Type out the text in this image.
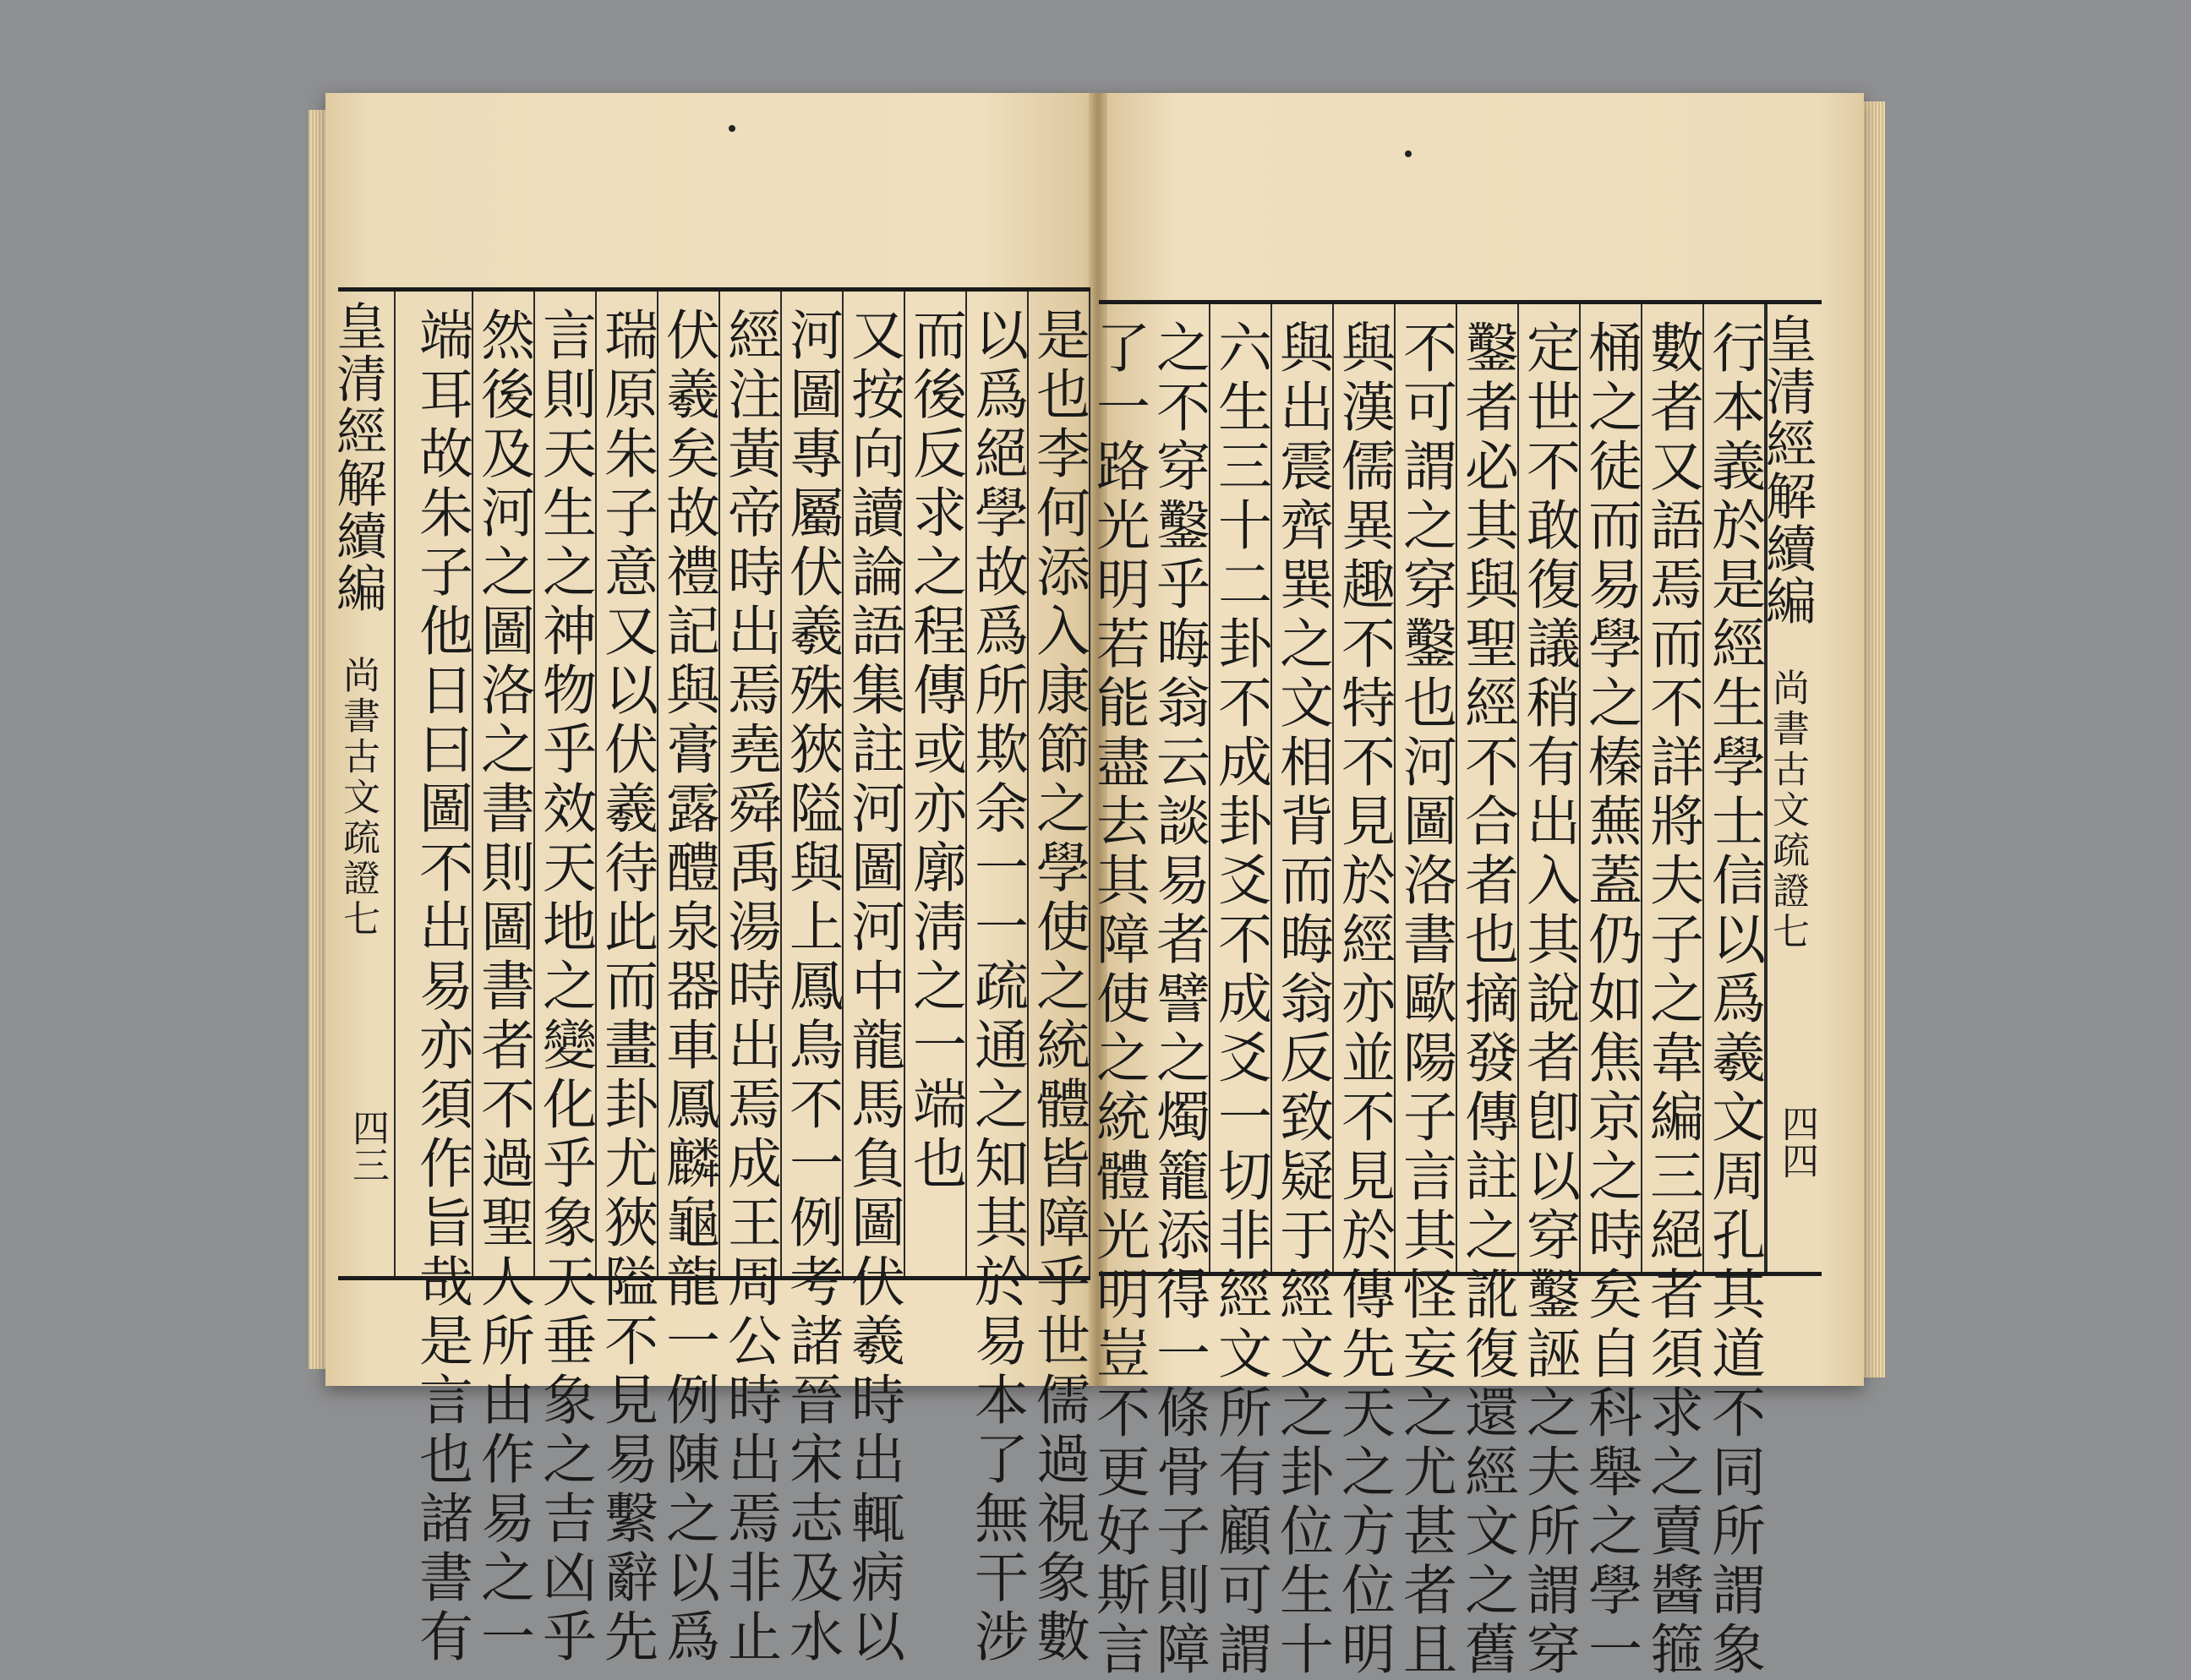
是也李何添入康節之學使之統體皆障乎世儒過視象數
以爲絕學故爲所欺余一一疏通之知其於易本了無干涉
而後反求之程傳或亦廓淸之一端也
又按向讀論語集註河圖河中龍馬負圖伏羲時出輒病以
河圖專屬伏羲殊狹隘與上鳳鳥不一例考諸晉宋志及水
經注黃帝時出焉堯舜禹湯時出焉成王周公時出焉非止
伏羲矣故禮記與膏露醴泉器車鳳麟龜龍一例陳之以爲
瑞原朱子意又以伏羲待此而畫卦尤狹隘不見易繫辭先
言則天生之神物乎效天地之變化乎象天垂象之吉凶乎
然後及河之圖洛之書則圖書者不過聖人所由作易之一
端耳故朱子他日曰圖不出易亦須作旨哉是言也諸書有
皇清經解續編 尚書古文疏證七
四三
皇清經解續編 尚書古文疏證七
四四
行本義於是經生學士信以爲羲文周孔其道不同所謂象
數者又語焉而不詳將夫子之韋編三絕者須求之賣醬箍
桶之徒而易學之榛蕪蓋仍如焦京之時矣自科舉之學一
定世不敢復議稍有出入其說者卽以穿鑿誣之夫所謂穿
鑿者必其與聖經不合者也摘發傳註之訛復還經文之舊
不可謂之穿鑿也河圖洛書歐陽子言其怪妄之尤甚者且
與漢儒異趣不特不見於經亦並不見於傳先天之方位明
與出震齊巽之文相背而晦翁反致疑于經文之卦位生十
六生三十二卦不成卦爻不成爻一切非經文所有顧可謂
之不穿鑿乎晦翁云談易者譬之燭籠添得一條骨子則障
了一路光明若能盡去其障使之統體光明豈不更好斯言
